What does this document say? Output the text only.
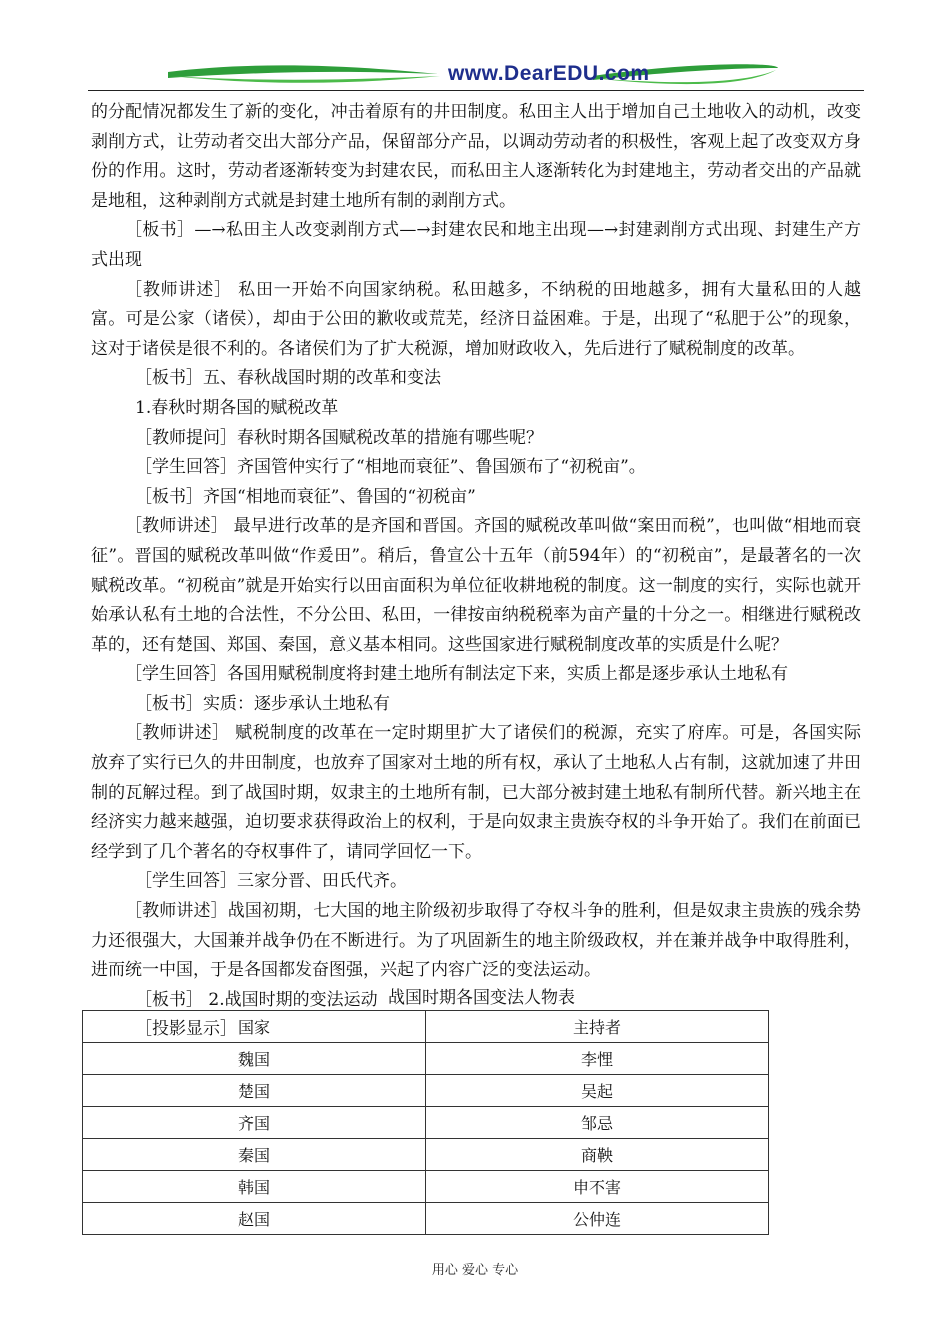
www.DearEDU.com

的分配情况都发生了新的变化，冲击着原有的井田制度。私田主人出于增加自己土地收入的动机，改变剥削方式，让劳动者交出大部分产品，保留部分产品，以调动劳动者的积极性，客观上起了改变双方身份的作用。这时，劳动者逐渐转变为封建农民，而私田主人逐渐转化为封建地主，劳动者交出的产品就是地租，这种剥削方式就是封建土地所有制的剥削方式。

［板书］—→私田主人改变剥削方式—→封建农民和地主出现—→封建剥削方式出现、封建生产方式出现

［教师讲述］ 私田一开始不向国家纳税。私田越多，不纳税的田地越多，拥有大量私田的人越富。可是公家（诸侯），却由于公田的歉收或荒芜，经济日益困难。于是，出现了“私肥于公”的现象，这对于诸侯是很不利的。各诸侯们为了扩大税源，增加财政收入，先后进行了赋税制度的改革。

［板书］五、春秋战国时期的改革和变法

1.春秋时期各国的赋税改革

［教师提问］春秋时期各国赋税改革的措施有哪些呢？

［学生回答］齐国管仲实行了“相地而衰征”、鲁国颁布了“初税亩”。

［板书］齐国“相地而衰征”、鲁国的“初税亩”

［教师讲述］ 最早进行改革的是齐国和晋国。齐国的赋税改革叫做“案田而税”，也叫做“相地而衰征”。晋国的赋税改革叫做“作爰田”。稍后，鲁宣公十五年（前594年）的“初税亩”，是最著名的一次赋税改革。“初税亩”就是开始实行以田亩面积为单位征收耕地税的制度。这一制度的实行，实际也就开始承认私有土地的合法性，不分公田、私田，一律按亩纳税税率为亩产量的十分之一。相继进行赋税改革的，还有楚国、郑国、秦国，意义基本相同。这些国家进行赋税制度改革的实质是什么呢？

［学生回答］各国用赋税制度将封建土地所有制法定下来，实质上都是逐步承认土地私有

［板书］实质：逐步承认土地私有

［教师讲述］ 赋税制度的改革在一定时期里扩大了诸侯们的税源，充实了府库。可是，各国实际放弃了实行已久的井田制度，也放弃了国家对土地的所有权，承认了土地私人占有制，这就加速了井田制的瓦解过程。到了战国时期，奴隶主的土地所有制，已大部分被封建土地私有制所代替。新兴地主在经济实力越来越强，迫切要求获得政治上的权利，于是向奴隶主贵族夺权的斗争开始了。我们在前面已经学到了几个著名的夺权事件了，请同学回忆一下。

［学生回答］三家分晋、田氏代齐。

［教师讲述］战国初期，七大国的地主阶级初步取得了夺权斗争的胜利，但是奴隶主贵族的残余势力还很强大，大国兼并战争仍在不断进行。为了巩固新生的地主阶级政权，并在兼并战争中取得胜利，进而统一中国，于是各国都发奋图强，兴起了内容广泛的变法运动。

［板书］ 2.战国时期的变法运动

［投影显示］

战国时期各国变法人物表
国家	主持者
魏国	李悝
楚国	吴起
齐国	邹忌
秦国	商鞅
韩国	申不害
赵国	公仲连
用心 爱心 专心
